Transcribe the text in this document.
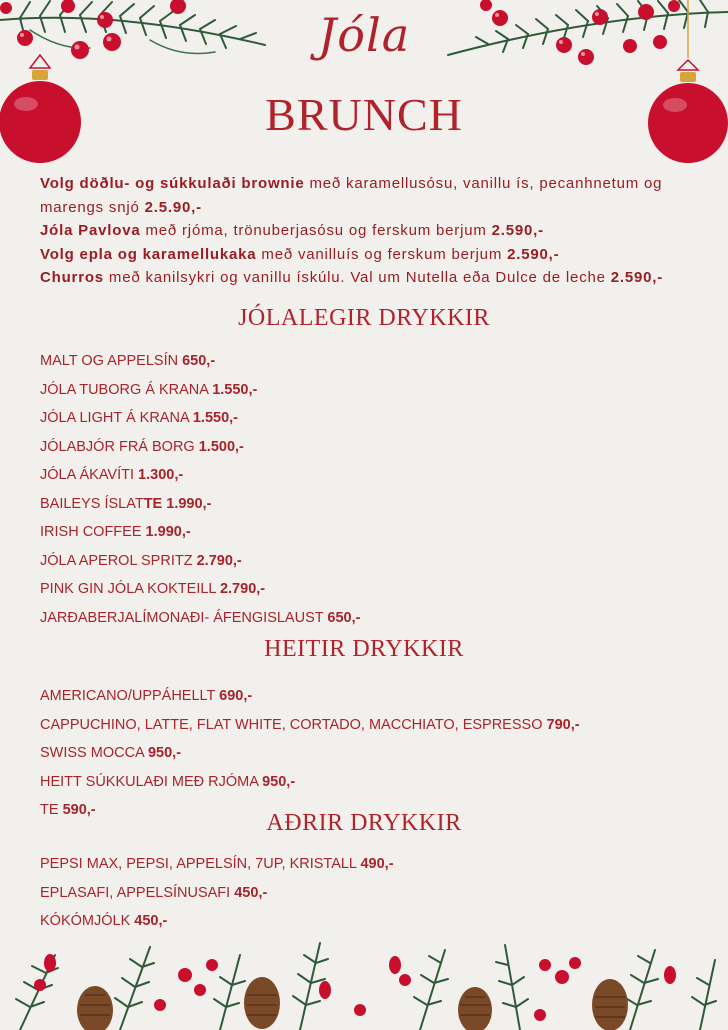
Jóla
BRUNCH
Volg döðlu- og súkkulaði brownie með karamellusósu, vanillu ís, pecanhnetum og marengs snjó 2.5.90,-
Jóla Pavlova með rjóma, trönuberjasósu og ferskum berjum 2.590,-
Volg epla og karamellukaka með vanilluís og ferskum berjum 2.590,-
Churros með kanilsykri og vanillu ískúlu. Val um Nutella eða Dulce de leche 2.590,-
JÓLALEGIR DRYKKIR
MALT OG APPELSÍN 650,-
JÓLA TUBORG Á KRANA 1.550,-
JÓLA LIGHT Á KRANA 1.550,-
JÓLABJÓR FRÁ BORG 1.500,-
JÓLA ÁKAVÍTI 1.300,-
BAILEYS ÍSLATTE 1.990,-
IRISH COFFEE 1.990,-
JÓLA APEROL SPRITZ 2.790,-
PINK GIN JÓLA KOKTEILL 2.790,-
JARÐABERJALÍMONAÐI- ÁFENGISLAUST 650,-
HEITIR DRYKKIR
AMERICANO/UPPÁHELLT 690,-
CAPPUCHINO, LATTE, FLAT WHITE, CORTADO, MACCHIATO, ESPRESSO 790,-
SWISS MOCCA 950,-
HEITT SÚKKULAÐI MEÐ RJÓMA 950,-
TE 590,-	AÐRIR DRYKKIR
PEPSI MAX, PEPSI, APPELSÍN, 7UP, KRISTALL 490,-
EPLASAFI, APPELSÍNUSAFI 450,-
KÓKÓMJÓLK 450,-
